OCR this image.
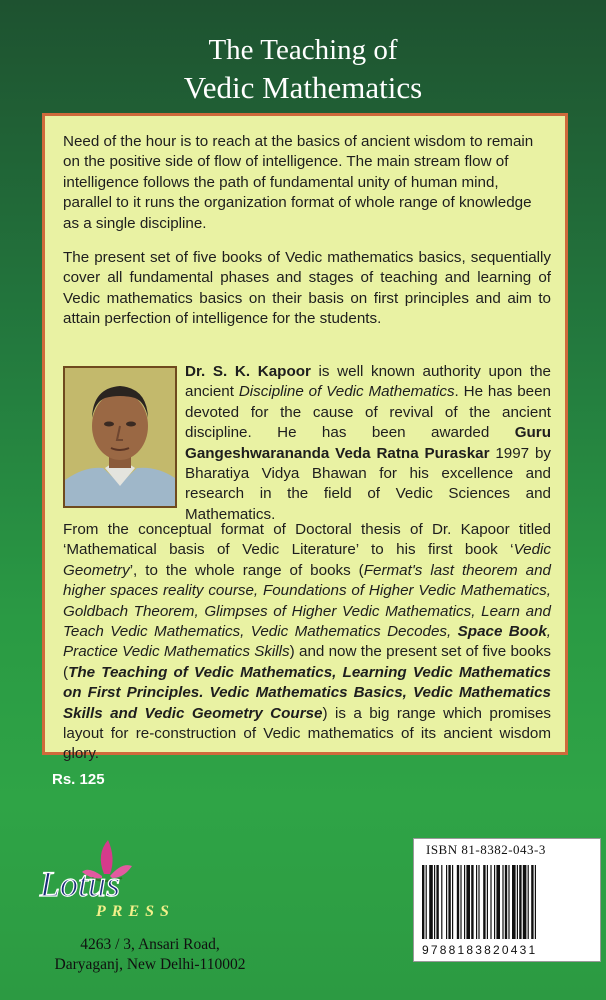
The Teaching of
Vedic Mathematics
Need of the hour is to reach at the basics of ancient wisdom to remain on the positive side of flow of intelligence. The main stream flow of intelligence follows the path of fundamental unity of human mind, parallel to it runs the organization format of whole range of knowledge as a single discipline.
The present set of five books of Vedic mathematics basics, sequentially cover all fundamental phases and stages of teaching and learning of Vedic mathematics basics on their basis on first principles and aim to attain perfection of intelligence for the students.
Dr. S. K. Kapoor is well known authority upon the ancient Discipline of Vedic Mathematics. He has been devoted for the cause of revival of the ancient discipline. He has been awarded Guru Gangeshwarananda Veda Ratna Puraskar 1997 by Bharatiya Vidya Bhawan for his excellence and research in the field of Vedic Sciences and Mathematics.
From the conceptual format of Doctoral thesis of Dr. Kapoor titled ‘Mathematical basis of Vedic Literature’ to his first book ‘Vedic Geometry’, to the whole range of books (Fermat's last theorem and higher spaces reality course, Foundations of Higher Vedic Mathematics, Goldbach Theorem, Glimpses of Higher Vedic Mathematics, Learn and Teach Vedic Mathematics, Vedic Mathematics Decodes, Space Book, Practice Vedic Mathematics Skills) and now the present set of five books (The Teaching of Vedic Mathematics, Learning Vedic Mathematics on First Principles. Vedic Mathematics Basics, Vedic Mathematics Skills and Vedic Geometry Course) is a big range which promises layout for re-construction of Vedic mathematics of its ancient wisdom glory.
Rs. 125
Lotus
PRESS
4263 / 3, Ansari Road,
Daryaganj, New Delhi-110002
ISBN 81-8382-043-3
9788183820431
